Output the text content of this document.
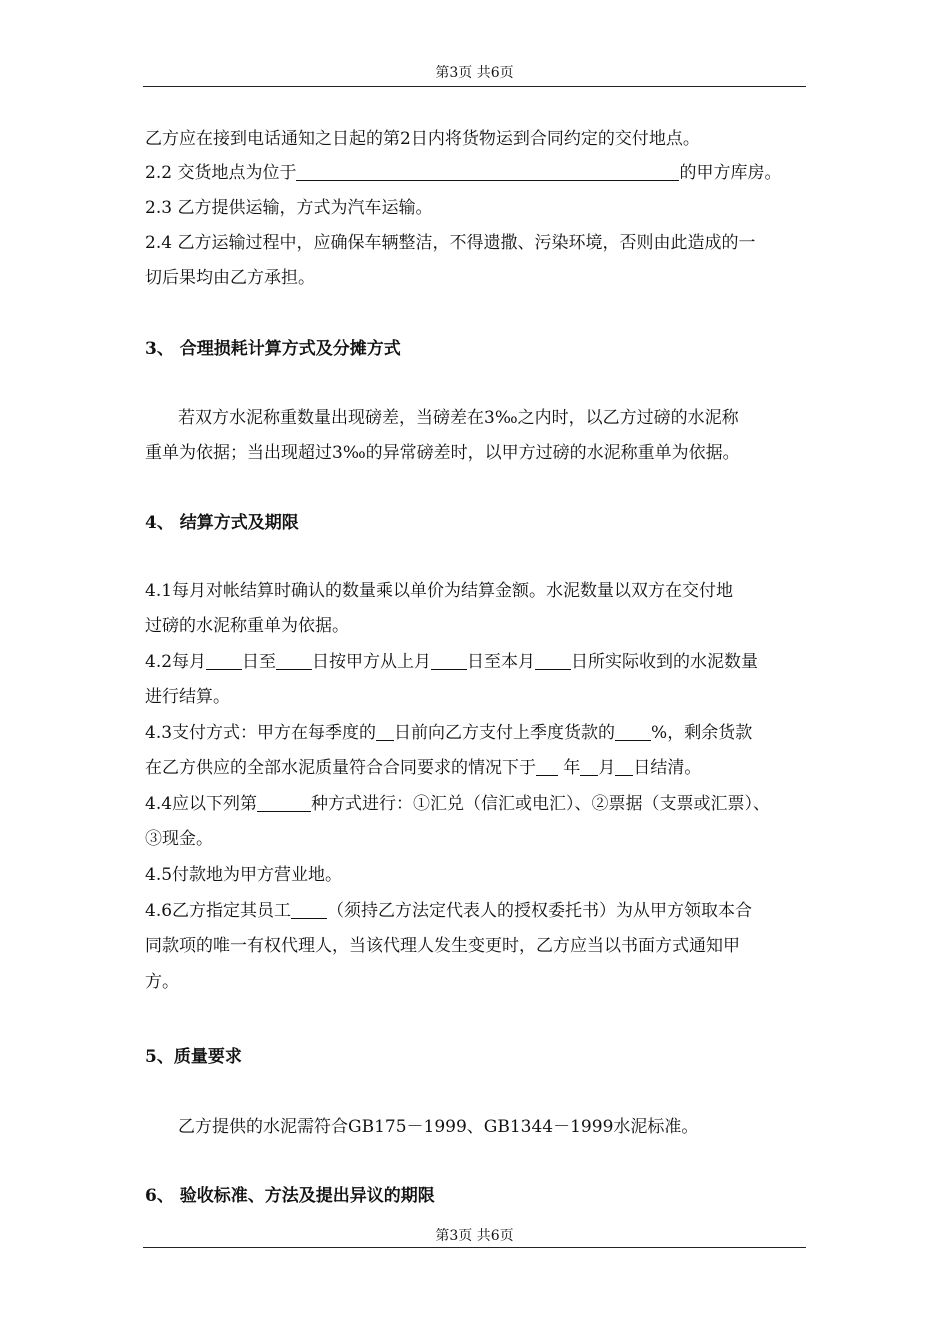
第3页 共6页
乙方应在接到电话通知之日起的第2日内将货物运到合同约定的交付地点。
2.2 交货地点为位于	的甲方库房。
2.3 乙方提供运输，方式为汽车运输。
2.4 乙方运输过程中，应确保车辆整洁，不得遗撒、污染环境，否则由此造成的一
切后果均由乙方承担。
3、 合理损耗计算方式及分摊方式
若双方水泥称重数量出现磅差，当磅差在3‰之内时，以乙方过磅的水泥称
重单为依据；当出现超过3‰的异常磅差时，以甲方过磅的水泥称重单为依据。
4、 结算方式及期限
4.1每月对帐结算时确认的数量乘以单价为结算金额。水泥数量以双方在交付地
过磅的水泥称重单为依据。
4.2每月 日至 日按甲方从上月 日至本月 日所实际收到的水泥数量
进行结算。
4.3支付方式：甲方在每季度的 日前向乙方支付上季度货款的 %，剩余货款
在乙方供应的全部水泥质量符合合同要求的情况下于 年 月 日结清。
4.4应以下列第	种方式进行：①汇兑（信汇或电汇）、②票据（支票或汇票）、
③现金。
4.5付款地为甲方营业地。
4.6乙方指定其员工 （须持乙方法定代表人的授权委托书）为从甲方领取本合
同款项的唯一有权代理人，当该代理人发生变更时，乙方应当以书面方式通知甲
方。
5、质量要求
乙方提供的水泥需符合GB175－1999、GB1344－1999水泥标准。
6、 验收标准、方法及提出异议的期限
第3页 共6页
